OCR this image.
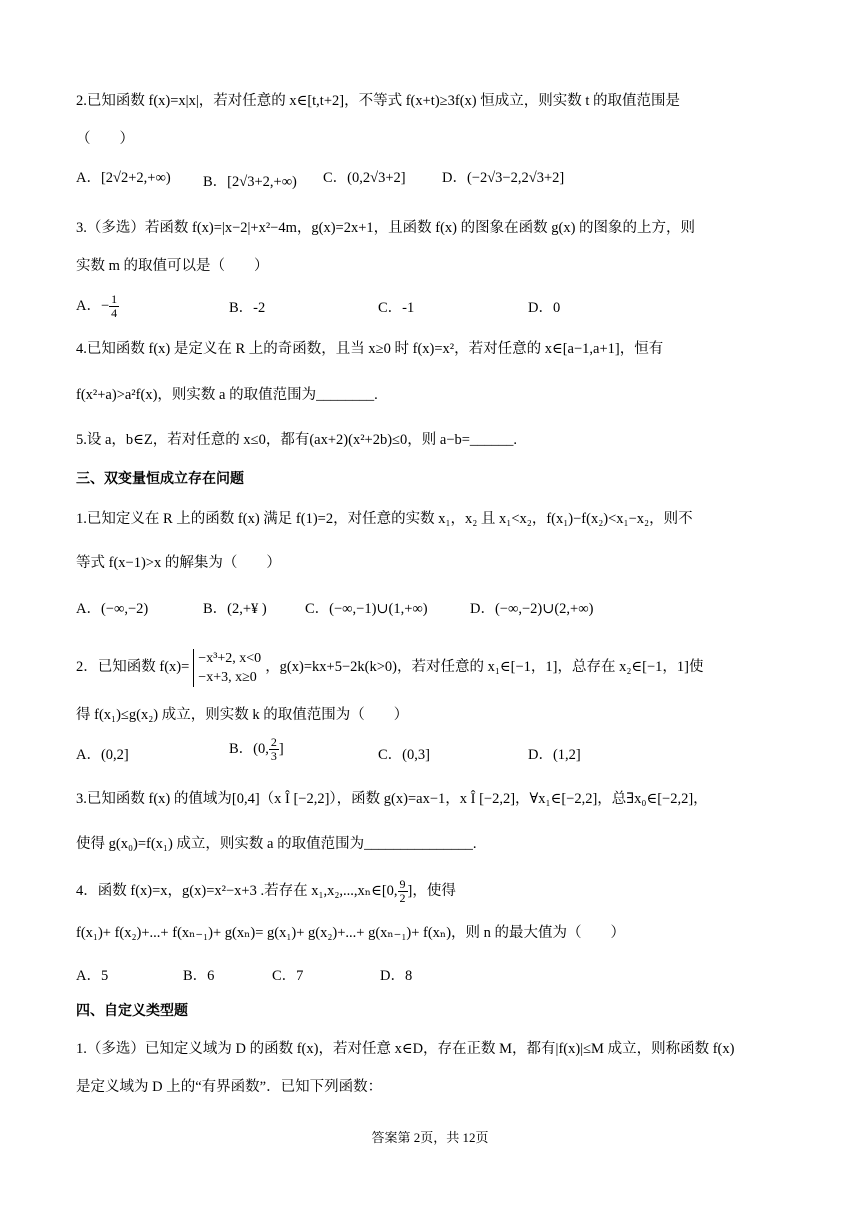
2.已知函数 f(x)=x|x|，若对任意的 x∈[t,t+2]，不等式 f(x+t)≥3f(x) 恒成立，则实数 t 的取值范围是
（　　）
A．[2√2+2,+∞) B．[2√3+2,+∞) C．(0,2√3+2]	D．(−2√3−2,2√3+2]
3.（多选）若函数 f(x)=|x−2|+x²−4m，g(x)=2x+1，且函数 f(x) 的图象在函数 g(x) 的图象的上方，则
实数 m 的取值可以是（　　）
A．− $\frac{1}{4}$	B．-2	C．-1	D．0
4.已知函数 f(x) 是定义在 R 上的奇函数，且当 x≥0 时 f(x)=x²，若对任意的 x∈[a−1,a+1]，恒有
f(x²+a)>a²f(x)，则实数 a 的取值范围为________.
5.设 a，b∈Z，若对任意的 x≤0，都有(ax+2)(x²+2b)≤0，则 a−b=______.
三、双变量恒成立存在问题
1.已知定义在 R 上的函数 f(x) 满足 f(1)=2，对任意的实数 x₁，x₂ 且 x₁<x₂，f(x₁)−f(x₂)<x₁−x₂，则不
等式 f(x−1)>x 的解集为（　　）
A．(−∞,−2)	B．(2,+¥ )	C．(−∞,−1)∪(1,+∞)	D．(−∞,−2)∪(2,+∞)
2．已知函数 f(x)=
−x³+2, x<0
−x+3, x≥0
，g(x)=kx+5−2k(k>0)，若对任意的 x₁∈[−1，1]，总存在 x₂∈[−1，1]使
得 f(x₁)≤g(x₂) 成立，则实数 k 的取值范围为（　　）
A．(0,2]	B．(0, $\frac{2}{3}$ ]	C．(0,3]	D．(1,2]
3.已知函数 f(x) 的值域为[0,4]（x Î [−2,2]），函数 g(x)=ax−1，x Î [−2,2]，∀x₁∈[−2,2]，总∃x₀∈[−2,2]，
使得 g(x₀)=f(x₁) 成立，则实数 a 的取值范围为_______________.
4．函数 f(x)=x，g(x)=x²−x+3 .若存在 x₁,x₂,...,xₙ∈[0, $\frac{9}{2}$ ]，使得
f(x₁)+ f(x₂)+...+ f(xₙ₋₁)+ g(xₙ)= g(x₁)+ g(x₂)+...+ g(xₙ₋₁)+ f(xₙ)，则 n 的最大值为（　　）
A．5	B．6	C．7	D．8
四、自定义类型题
1.（多选）已知定义域为 D 的函数 f(x)，若对任意 x∈D，存在正数 M，都有|f(x)|≤M 成立，则称函数 f(x)
是定义域为 D 上的“有界函数”．已知下列函数：
答案第 2页，共 12页
